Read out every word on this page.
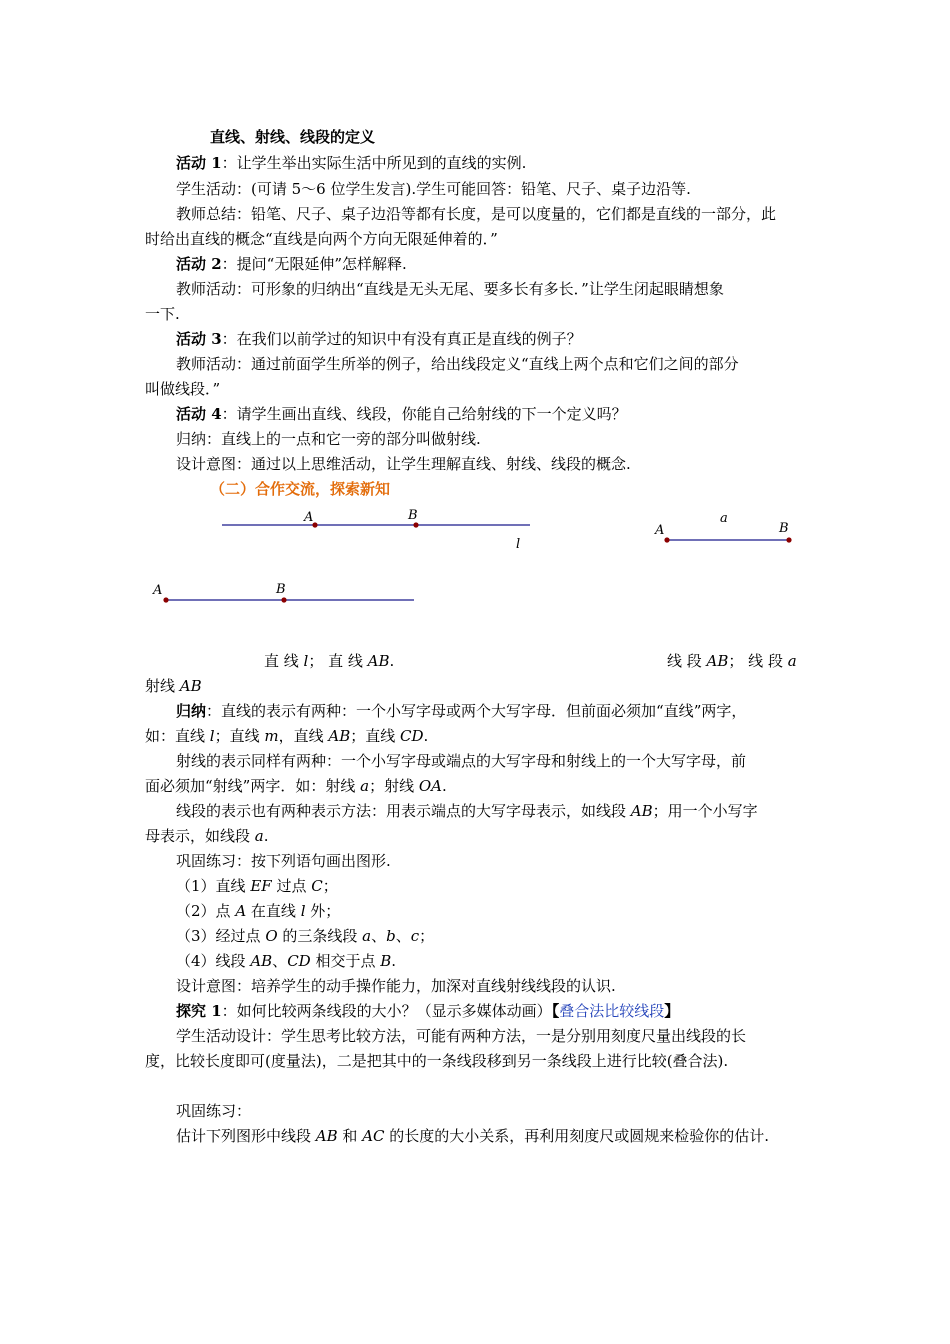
直线、射线、线段的定义
活动 1：让学生举出实际生活中所见到的直线的实例.
学生活动：(可请 5～6 位学生发言).学生可能回答：铅笔、尺子、桌子边沿等.
教师总结：铅笔、尺子、桌子边沿等都有长度，是可以度量的，它们都是直线的一部分，此
时给出直线的概念“直线是向两个方向无限延伸着的．”
活动 2：提问“无限延伸”怎样解释.
教师活动：可形象的归纳出“直线是无头无尾、要多长有多长．”让学生闭起眼睛想象
一下.
活动 3：在我们以前学过的知识中有没有真正是直线的例子？
教师活动：通过前面学生所举的例子，给出线段定义“直线上两个点和它们之间的部分
叫做线段．”
活动 4：请学生画出直线、线段，你能自己给射线的下一个定义吗？
归纳：直线上的一点和它一旁的部分叫做射线.
设计意图：通过以上思维活动，让学生理解直线、射线、线段的概念.
（二）合作交流，探索新知
A	B
l
A
a
B
A	B
直 线 l； 直 线 AB.	线 段 AB； 线 段 a
射线 AB
归纳：直线的表示有两种：一个小写字母或两个大写字母．但前面必须加“直线”两字，
如：直线 l；直线 m，直线 AB；直线 CD.
射线的表示同样有两种：一个小写字母或端点的大写字母和射线上的一个大写字母，前
面必须加“射线”两字．如：射线 a；射线 OA.
线段的表示也有两种表示方法：用表示端点的大写字母表示，如线段 AB；用一个小写字
母表示，如线段 a.
巩固练习：按下列语句画出图形.
（1）直线 EF 过点 C；
（2）点 A 在直线 l 外；
（3）经过点 O 的三条线段 a、b、c；
（4）线段 AB、CD 相交于点 B.
设计意图：培养学生的动手操作能力，加深对直线射线线段的认识.
探究 1：如何比较两条线段的大小？（显示多媒体动画）【叠合法比较线段】
学生活动设计：学生思考比较方法，可能有两种方法，一是分别用刻度尺量出线段的长
度，比较长度即可(度量法)，二是把其中的一条线段移到另一条线段上进行比较(叠合法).
巩固练习：
估计下列图形中线段 AB 和 AC 的长度的大小关系，再利用刻度尺或圆规来检验你的估计.
